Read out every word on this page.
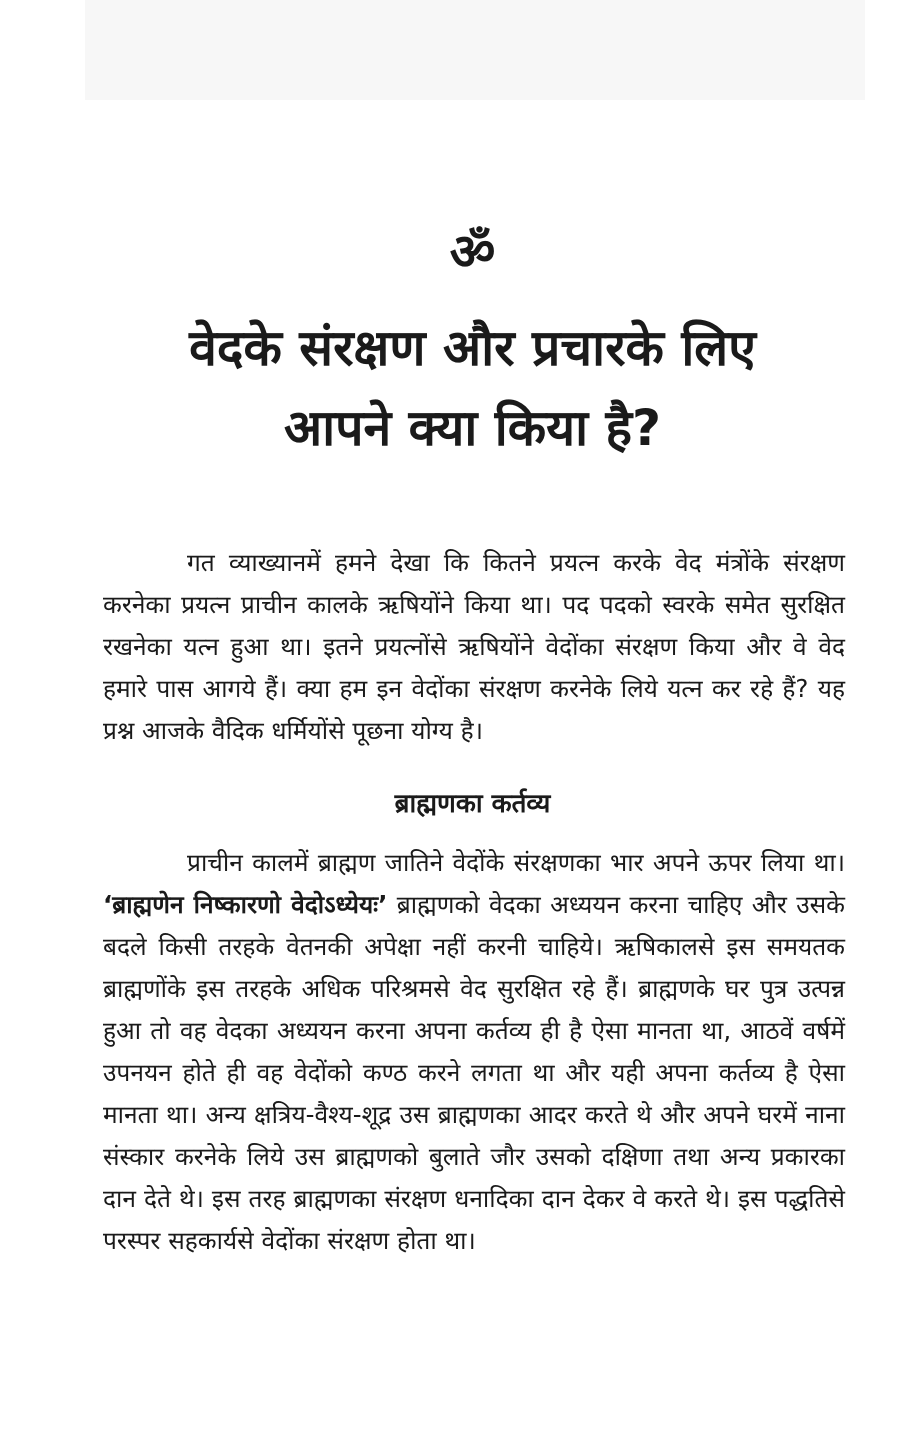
ॐ
वेदके संरक्षण और प्रचारके लिए
आपने क्या किया है?

गत व्याख्यानमें हमने देखा कि कितने प्रयत्न करके वेद मंत्रोंके संरक्षण करनेका प्रयत्न प्राचीन कालके ऋषियोंने किया था। पद पदको स्वरके समेत सुरक्षित रखनेका यत्न हुआ था। इतने प्रयत्नोंसे ऋषियोंने वेदोंका संरक्षण किया और वे वेद हमारे पास आगये हैं। क्या हम इन वेदोंका संरक्षण करनेके लिये यत्न कर रहे हैं? यह प्रश्न आजके वैदिक धर्मियोंसे पूछना योग्य है।

ब्राह्मणका कर्तव्य

प्राचीन कालमें ब्राह्मण जातिने वेदोंके संरक्षणका भार अपने ऊपर लिया था। ‘ब्राह्मणेन निष्कारणो वेदोऽध्येयः’ ब्राह्मणको वेदका अध्ययन करना चाहिए और उसके बदले किसी तरहके वेतनकी अपेक्षा नहीं करनी चाहिये। ऋषिकालसे इस समयतक ब्राह्मणोंके इस तरहके अधिक परिश्रमसे वेद सुरक्षित रहे हैं। ब्राह्मणके घर पुत्र उत्पन्न हुआ तो वह वेदका अध्ययन करना अपना कर्तव्य ही है ऐसा मानता था, आठवें वर्षमें उपनयन होते ही वह वेदोंको कण्ठ करने लगता था और यही अपना कर्तव्य है ऐसा मानता था। अन्य क्षत्रिय-वैश्य-शूद्र उस ब्राह्मणका आदर करते थे और अपने घरमें नाना संस्कार करनेके लिये उस ब्राह्मणको बुलाते जौर उसको दक्षिणा तथा अन्य प्रकारका दान देते थे। इस तरह ब्राह्मणका संरक्षण धनादिका दान देकर वे करते थे। इस पद्धतिसे परस्पर सहकार्यसे वेदोंका संरक्षण होता था।
